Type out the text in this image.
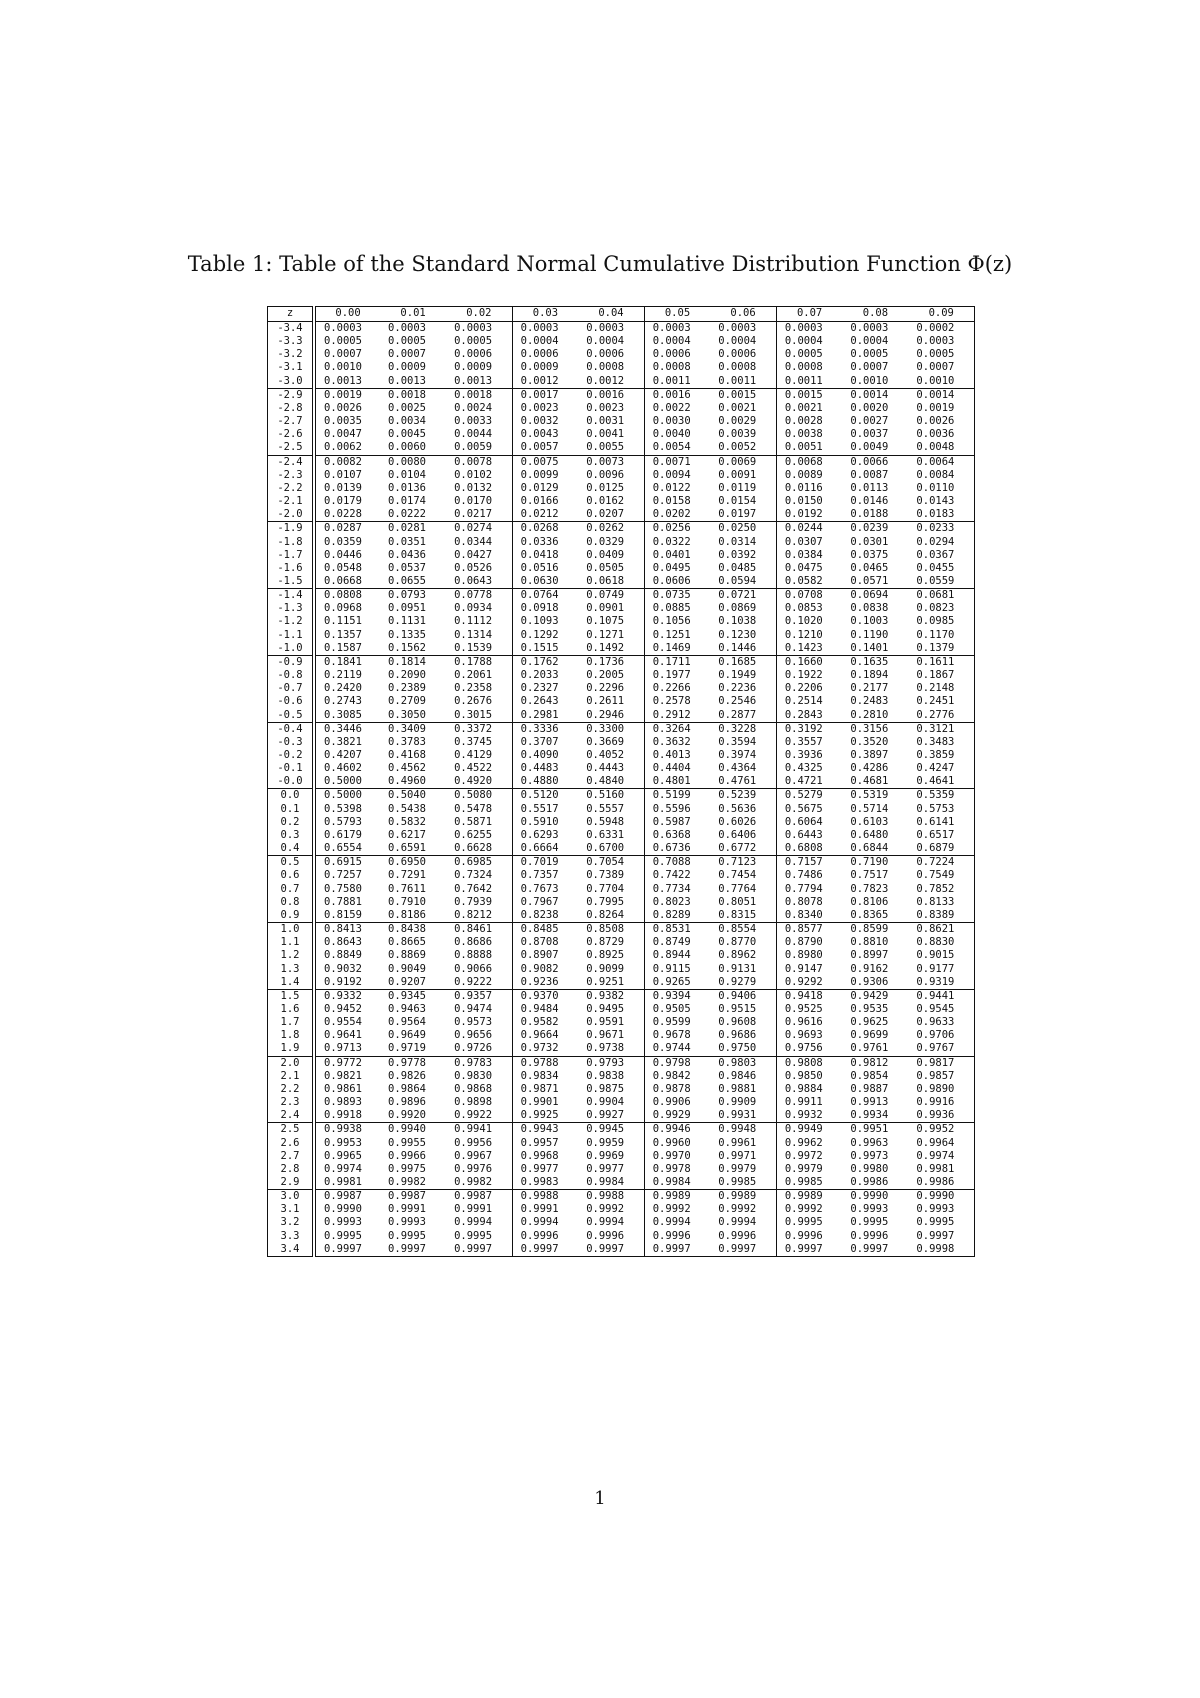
Table 1: Table of the Standard Normal Cumulative Distribution Function Φ(z)
z	0.00	0.01	0.02	0.03	0.04	0.05	0.06	0.07	0.08	0.09
-3.4	0.0003	0.0003	0.0003	0.0003	0.0003	0.0003	0.0003	0.0003	0.0003	0.0002
-3.3	0.0005	0.0005	0.0005	0.0004	0.0004	0.0004	0.0004	0.0004	0.0004	0.0003
-3.2	0.0007	0.0007	0.0006	0.0006	0.0006	0.0006	0.0006	0.0005	0.0005	0.0005
-3.1	0.0010	0.0009	0.0009	0.0009	0.0008	0.0008	0.0008	0.0008	0.0007	0.0007
-3.0	0.0013	0.0013	0.0013	0.0012	0.0012	0.0011	0.0011	0.0011	0.0010	0.0010
-2.9	0.0019	0.0018	0.0018	0.0017	0.0016	0.0016	0.0015	0.0015	0.0014	0.0014
-2.8	0.0026	0.0025	0.0024	0.0023	0.0023	0.0022	0.0021	0.0021	0.0020	0.0019
-2.7	0.0035	0.0034	0.0033	0.0032	0.0031	0.0030	0.0029	0.0028	0.0027	0.0026
-2.6	0.0047	0.0045	0.0044	0.0043	0.0041	0.0040	0.0039	0.0038	0.0037	0.0036
-2.5	0.0062	0.0060	0.0059	0.0057	0.0055	0.0054	0.0052	0.0051	0.0049	0.0048
-2.4	0.0082	0.0080	0.0078	0.0075	0.0073	0.0071	0.0069	0.0068	0.0066	0.0064
-2.3	0.0107	0.0104	0.0102	0.0099	0.0096	0.0094	0.0091	0.0089	0.0087	0.0084
-2.2	0.0139	0.0136	0.0132	0.0129	0.0125	0.0122	0.0119	0.0116	0.0113	0.0110
-2.1	0.0179	0.0174	0.0170	0.0166	0.0162	0.0158	0.0154	0.0150	0.0146	0.0143
-2.0	0.0228	0.0222	0.0217	0.0212	0.0207	0.0202	0.0197	0.0192	0.0188	0.0183
-1.9	0.0287	0.0281	0.0274	0.0268	0.0262	0.0256	0.0250	0.0244	0.0239	0.0233
-1.8	0.0359	0.0351	0.0344	0.0336	0.0329	0.0322	0.0314	0.0307	0.0301	0.0294
-1.7	0.0446	0.0436	0.0427	0.0418	0.0409	0.0401	0.0392	0.0384	0.0375	0.0367
-1.6	0.0548	0.0537	0.0526	0.0516	0.0505	0.0495	0.0485	0.0475	0.0465	0.0455
-1.5	0.0668	0.0655	0.0643	0.0630	0.0618	0.0606	0.0594	0.0582	0.0571	0.0559
-1.4	0.0808	0.0793	0.0778	0.0764	0.0749	0.0735	0.0721	0.0708	0.0694	0.0681
-1.3	0.0968	0.0951	0.0934	0.0918	0.0901	0.0885	0.0869	0.0853	0.0838	0.0823
-1.2	0.1151	0.1131	0.1112	0.1093	0.1075	0.1056	0.1038	0.1020	0.1003	0.0985
-1.1	0.1357	0.1335	0.1314	0.1292	0.1271	0.1251	0.1230	0.1210	0.1190	0.1170
-1.0	0.1587	0.1562	0.1539	0.1515	0.1492	0.1469	0.1446	0.1423	0.1401	0.1379
-0.9	0.1841	0.1814	0.1788	0.1762	0.1736	0.1711	0.1685	0.1660	0.1635	0.1611
-0.8	0.2119	0.2090	0.2061	0.2033	0.2005	0.1977	0.1949	0.1922	0.1894	0.1867
-0.7	0.2420	0.2389	0.2358	0.2327	0.2296	0.2266	0.2236	0.2206	0.2177	0.2148
-0.6	0.2743	0.2709	0.2676	0.2643	0.2611	0.2578	0.2546	0.2514	0.2483	0.2451
-0.5	0.3085	0.3050	0.3015	0.2981	0.2946	0.2912	0.2877	0.2843	0.2810	0.2776
-0.4	0.3446	0.3409	0.3372	0.3336	0.3300	0.3264	0.3228	0.3192	0.3156	0.3121
-0.3	0.3821	0.3783	0.3745	0.3707	0.3669	0.3632	0.3594	0.3557	0.3520	0.3483
-0.2	0.4207	0.4168	0.4129	0.4090	0.4052	0.4013	0.3974	0.3936	0.3897	0.3859
-0.1	0.4602	0.4562	0.4522	0.4483	0.4443	0.4404	0.4364	0.4325	0.4286	0.4247
-0.0	0.5000	0.4960	0.4920	0.4880	0.4840	0.4801	0.4761	0.4721	0.4681	0.4641
0.0	0.5000	0.5040	0.5080	0.5120	0.5160	0.5199	0.5239	0.5279	0.5319	0.5359
0.1	0.5398	0.5438	0.5478	0.5517	0.5557	0.5596	0.5636	0.5675	0.5714	0.5753
0.2	0.5793	0.5832	0.5871	0.5910	0.5948	0.5987	0.6026	0.6064	0.6103	0.6141
0.3	0.6179	0.6217	0.6255	0.6293	0.6331	0.6368	0.6406	0.6443	0.6480	0.6517
0.4	0.6554	0.6591	0.6628	0.6664	0.6700	0.6736	0.6772	0.6808	0.6844	0.6879
0.5	0.6915	0.6950	0.6985	0.7019	0.7054	0.7088	0.7123	0.7157	0.7190	0.7224
0.6	0.7257	0.7291	0.7324	0.7357	0.7389	0.7422	0.7454	0.7486	0.7517	0.7549
0.7	0.7580	0.7611	0.7642	0.7673	0.7704	0.7734	0.7764	0.7794	0.7823	0.7852
0.8	0.7881	0.7910	0.7939	0.7967	0.7995	0.8023	0.8051	0.8078	0.8106	0.8133
0.9	0.8159	0.8186	0.8212	0.8238	0.8264	0.8289	0.8315	0.8340	0.8365	0.8389
1.0	0.8413	0.8438	0.8461	0.8485	0.8508	0.8531	0.8554	0.8577	0.8599	0.8621
1.1	0.8643	0.8665	0.8686	0.8708	0.8729	0.8749	0.8770	0.8790	0.8810	0.8830
1.2	0.8849	0.8869	0.8888	0.8907	0.8925	0.8944	0.8962	0.8980	0.8997	0.9015
1.3	0.9032	0.9049	0.9066	0.9082	0.9099	0.9115	0.9131	0.9147	0.9162	0.9177
1.4	0.9192	0.9207	0.9222	0.9236	0.9251	0.9265	0.9279	0.9292	0.9306	0.9319
1.5	0.9332	0.9345	0.9357	0.9370	0.9382	0.9394	0.9406	0.9418	0.9429	0.9441
1.6	0.9452	0.9463	0.9474	0.9484	0.9495	0.9505	0.9515	0.9525	0.9535	0.9545
1.7	0.9554	0.9564	0.9573	0.9582	0.9591	0.9599	0.9608	0.9616	0.9625	0.9633
1.8	0.9641	0.9649	0.9656	0.9664	0.9671	0.9678	0.9686	0.9693	0.9699	0.9706
1.9	0.9713	0.9719	0.9726	0.9732	0.9738	0.9744	0.9750	0.9756	0.9761	0.9767
2.0	0.9772	0.9778	0.9783	0.9788	0.9793	0.9798	0.9803	0.9808	0.9812	0.9817
2.1	0.9821	0.9826	0.9830	0.9834	0.9838	0.9842	0.9846	0.9850	0.9854	0.9857
2.2	0.9861	0.9864	0.9868	0.9871	0.9875	0.9878	0.9881	0.9884	0.9887	0.9890
2.3	0.9893	0.9896	0.9898	0.9901	0.9904	0.9906	0.9909	0.9911	0.9913	0.9916
2.4	0.9918	0.9920	0.9922	0.9925	0.9927	0.9929	0.9931	0.9932	0.9934	0.9936
2.5	0.9938	0.9940	0.9941	0.9943	0.9945	0.9946	0.9948	0.9949	0.9951	0.9952
2.6	0.9953	0.9955	0.9956	0.9957	0.9959	0.9960	0.9961	0.9962	0.9963	0.9964
2.7	0.9965	0.9966	0.9967	0.9968	0.9969	0.9970	0.9971	0.9972	0.9973	0.9974
2.8	0.9974	0.9975	0.9976	0.9977	0.9977	0.9978	0.9979	0.9979	0.9980	0.9981
2.9	0.9981	0.9982	0.9982	0.9983	0.9984	0.9984	0.9985	0.9985	0.9986	0.9986
3.0	0.9987	0.9987	0.9987	0.9988	0.9988	0.9989	0.9989	0.9989	0.9990	0.9990
3.1	0.9990	0.9991	0.9991	0.9991	0.9992	0.9992	0.9992	0.9992	0.9993	0.9993
3.2	0.9993	0.9993	0.9994	0.9994	0.9994	0.9994	0.9994	0.9995	0.9995	0.9995
3.3	0.9995	0.9995	0.9995	0.9996	0.9996	0.9996	0.9996	0.9996	0.9996	0.9997
3.4	0.9997	0.9997	0.9997	0.9997	0.9997	0.9997	0.9997	0.9997	0.9997	0.9998
1
